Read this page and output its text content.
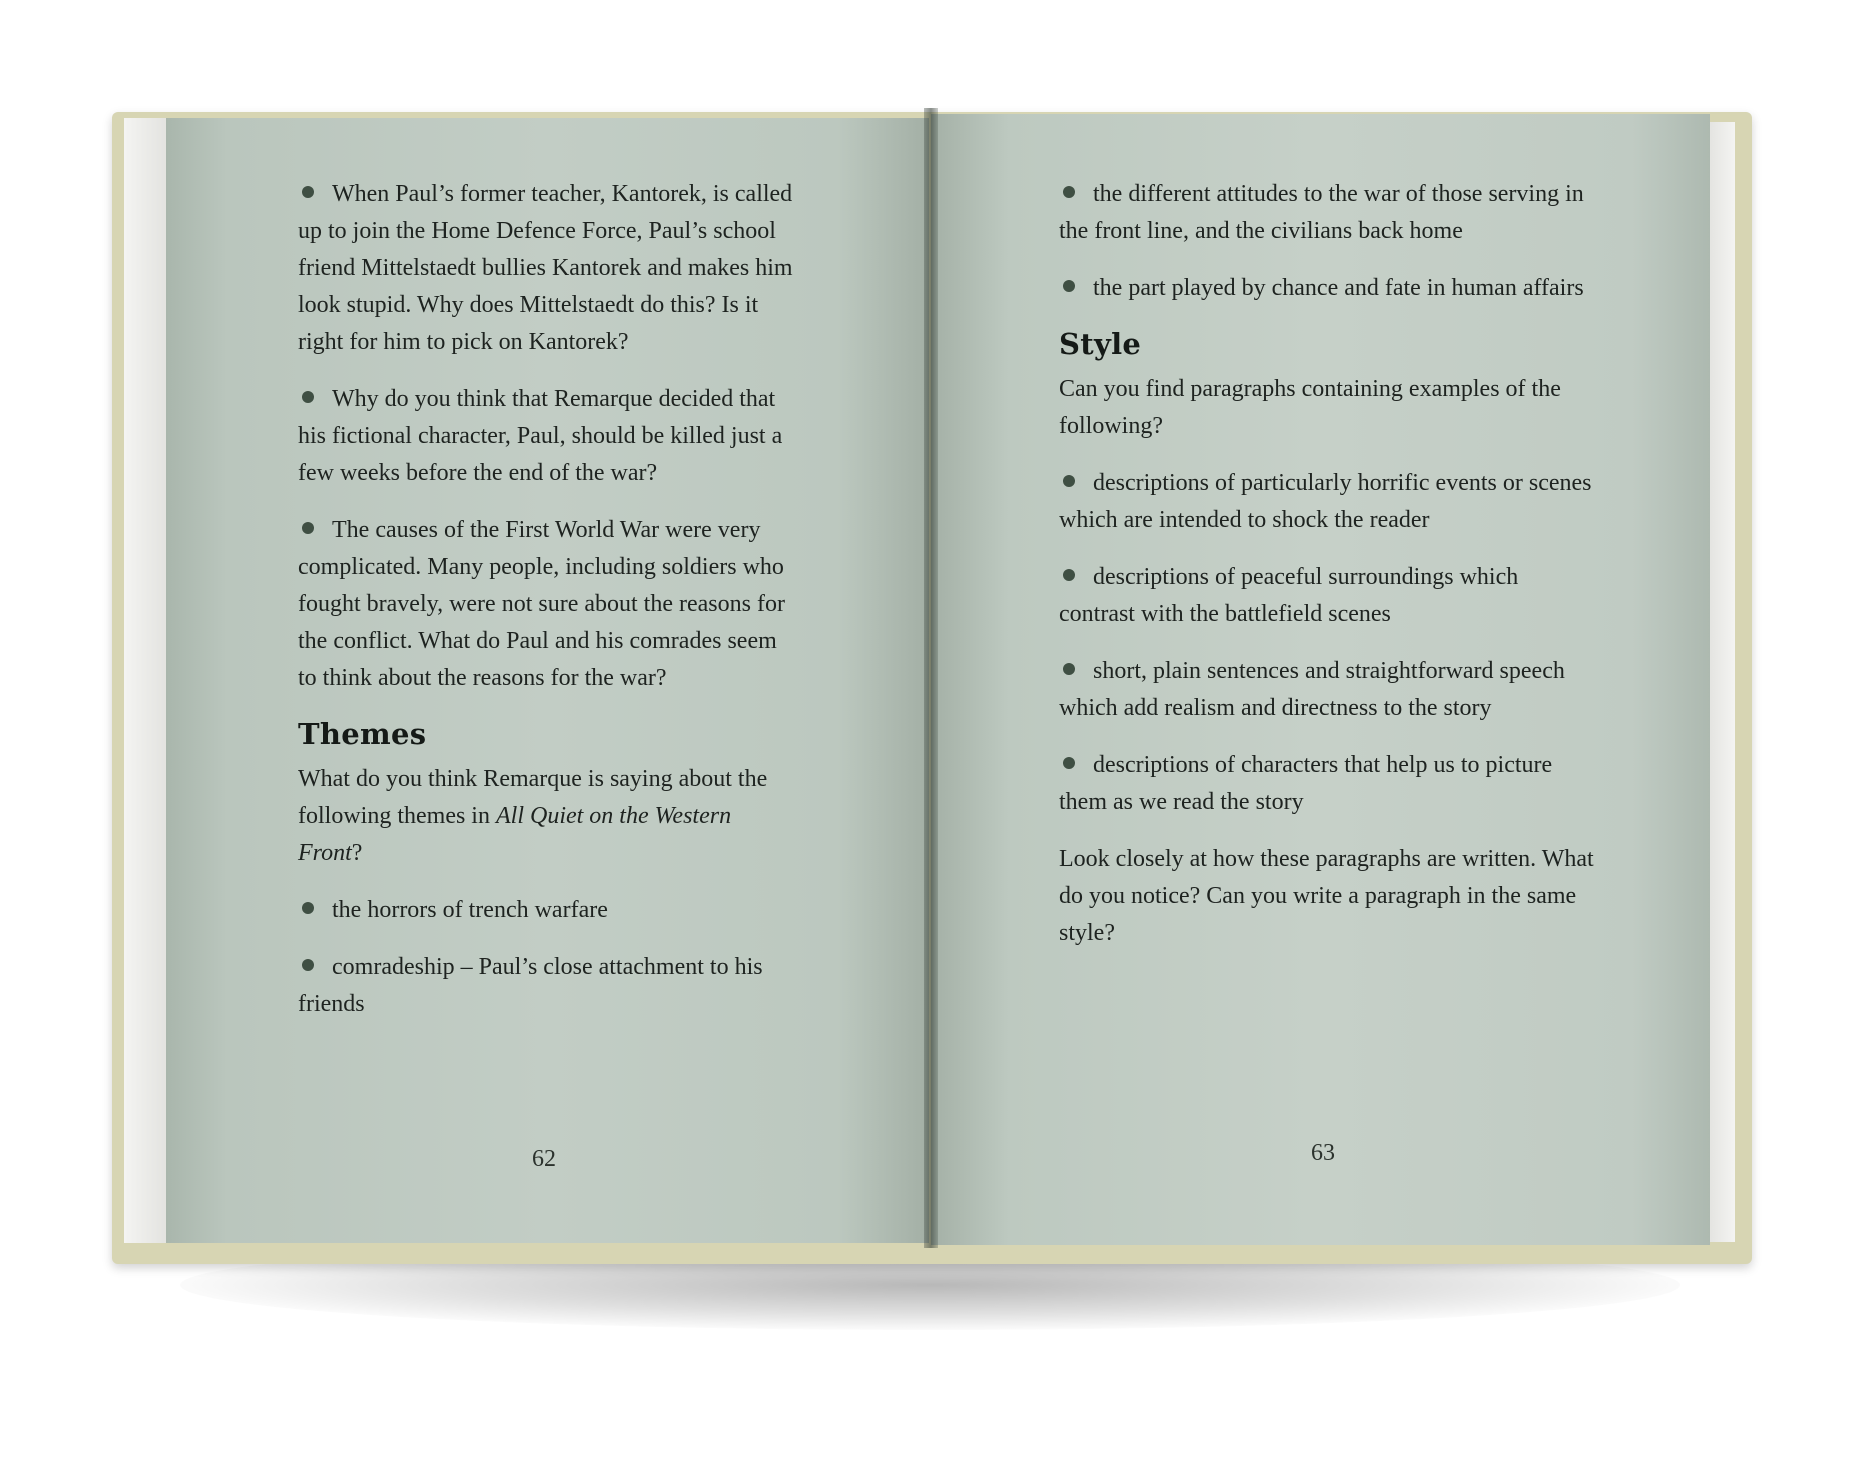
When Paul’s former teacher, Kantorek, is called up to join the Home Defence Force, Paul’s school friend Mittelstaedt bullies Kantorek and makes him look stupid. Why does Mittelstaedt do this? Is it right for him to pick on Kantorek?

Why do you think that Remarque decided that his fictional character, Paul, should be killed just a few weeks before the end of the war?

The causes of the First World War were very complicated. Many people, including soldiers who fought bravely, were not sure about the reasons for the conflict. What do Paul and his comrades seem to think about the reasons for the war?

Themes

What do you think Remarque is saying about the following themes in All Quiet on the Western Front?

the horrors of trench warfare

comradeship – Paul’s close attachment to his friends

62

the different attitudes to the war of those serving in the front line, and the civilians back home

the part played by chance and fate in human affairs

Style

Can you find paragraphs containing examples of the following?

descriptions of particularly horrific events or scenes which are intended to shock the reader

descriptions of peaceful surroundings which contrast with the battlefield scenes

short, plain sentences and straightforward speech which add realism and directness to the story

descriptions of characters that help us to picture them as we read the story

Look closely at how these paragraphs are written. What do you notice? Can you write a paragraph in the same style?

63
